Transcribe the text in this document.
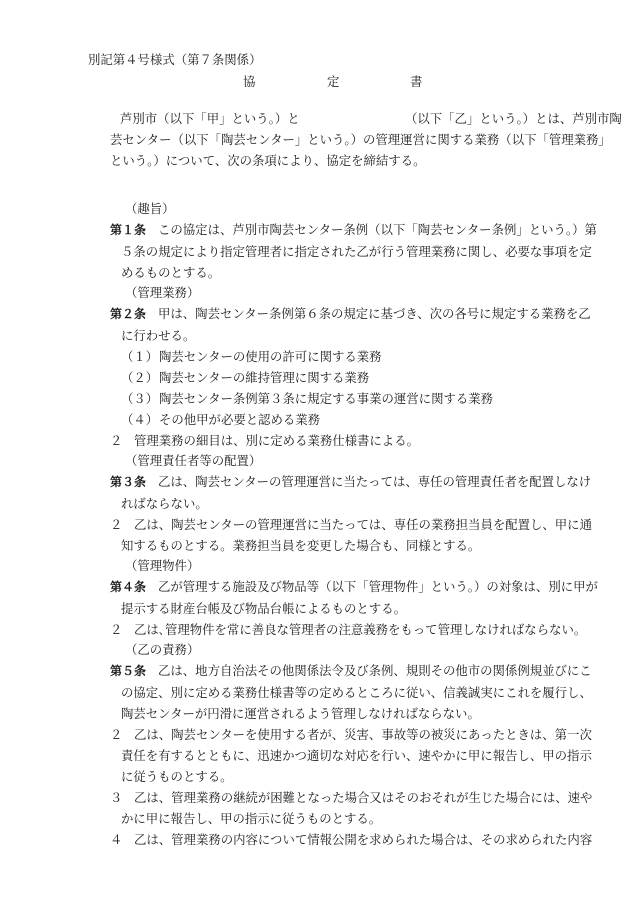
別記第４号様式（第７条関係）
協	定	書
芦別市（以下「甲」という。）と　　　　　　　　　（以下「乙」という。）とは、芦別市陶
芸センター（以下「陶芸センター」という。）の管理運営に関する業務（以下「管理業務」
という。）について、次の条項により、協定を締結する。
（趣旨）
第１条 この協定は、芦別市陶芸センター条例（以下「陶芸センター条例」という。）第
５条の規定により指定管理者に指定された乙が行う管理業務に関し、必要な事項を定
めるものとする。
（管理業務）
第２条 甲は、陶芸センター条例第６条の規定に基づき、次の各号に規定する業務を乙
に行わせる。
（１）陶芸センターの使用の許可に関する業務
（２）陶芸センターの維持管理に関する業務
（３）陶芸センター条例第３条に規定する事業の運営に関する業務
（４）その他甲が必要と認める業務
２ 管理業務の細目は、別に定める業務仕様書による。
（管理責任者等の配置）
第３条 乙は、陶芸センターの管理運営に当たっては、専任の管理責任者を配置しなけ
ればならない。
２ 乙は、陶芸センターの管理運営に当たっては、専任の業務担当員を配置し、甲に通
知するものとする。業務担当員を変更した場合も、同様とする。
（管理物件）
第４条 乙が管理する施設及び物品等（以下「管理物件」という。）の対象は、別に甲が
提示する財産台帳及び物品台帳によるものとする。
２ 乙は､管理物件を常に善良な管理者の注意義務をもって管理しなければならない。
（乙の責務）
第５条 乙は、地方自治法その他関係法令及び条例、規則その他市の関係例規並びにこ
の協定、別に定める業務仕様書等の定めるところに従い、信義誠実にこれを履行し、
陶芸センターが円滑に運営されるよう管理しなければならない。
２ 乙は、陶芸センターを使用する者が、災害、事故等の被災にあったときは、第一次
責任を有するとともに、迅速かつ適切な対応を行い、速やかに甲に報告し、甲の指示
に従うものとする。
３ 乙は、管理業務の継続が困難となった場合又はそのおそれが生じた場合には、速や
かに甲に報告し、甲の指示に従うものとする。
４ 乙は、管理業務の内容について情報公開を求められた場合は、その求められた内容
